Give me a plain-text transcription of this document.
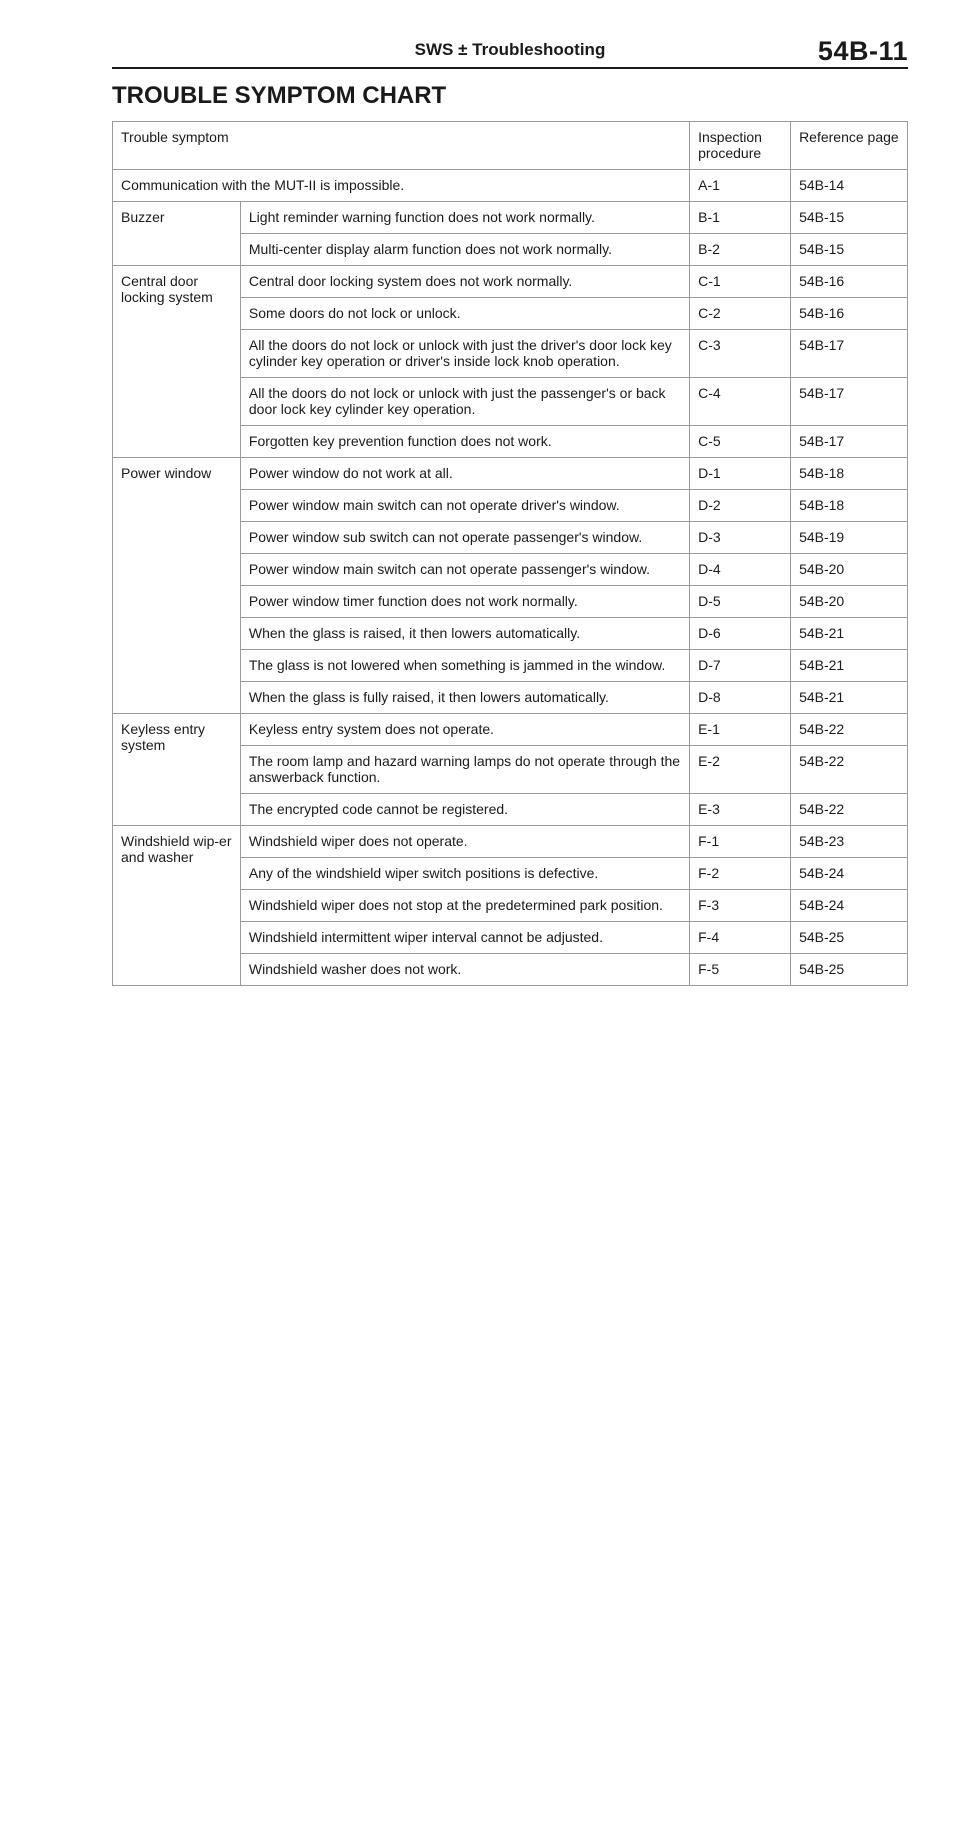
SWS ± Troubleshooting	54B-11
TROUBLE SYMPTOM CHART
Trouble symptom		Inspection procedure	Reference page
Communication with the MUT-II is impossible.		A-1	54B-14
Buzzer	Light reminder warning function does not work normally.	B-1	54B-15
	Multi-center display alarm function does not work normally.	B-2	54B-15
Central door locking system	Central door locking system does not work normally.	C-1	54B-16
	Some doors do not lock or unlock.	C-2	54B-16
	All the doors do not lock or unlock with just the driver's door lock key cylinder key operation or driver's inside lock knob operation.	C-3	54B-17
	All the doors do not lock or unlock with just the passenger's or back door lock key cylinder key operation.	C-4	54B-17
	Forgotten key prevention function does not work.	C-5	54B-17
Power window	Power window do not work at all.	D-1	54B-18
	Power window main switch can not operate driver's window.	D-2	54B-18
	Power window sub switch can not operate passenger's window.	D-3	54B-19
	Power window main switch can not operate passenger's window.	D-4	54B-20
	Power window timer function does not work normally.	D-5	54B-20
	When the glass is raised, it then lowers automatically.	D-6	54B-21
	The glass is not lowered when something is jammed in the window.	D-7	54B-21
	When the glass is fully raised, it then lowers automatically.	D-8	54B-21
Keyless entry system	Keyless entry system does not operate.	E-1	54B-22
	The room lamp and hazard warning lamps do not operate through the answerback function.	E-2	54B-22
	The encrypted code cannot be registered.	E-3	54B-22
Windshield wip-er and washer	Windshield wiper does not operate.	F-1	54B-23
	Any of the windshield wiper switch positions is defective.	F-2	54B-24
	Windshield wiper does not stop at the predetermined park position.	F-3	54B-24
	Windshield intermittent wiper interval cannot be adjusted.	F-4	54B-25
	Windshield washer does not work.	F-5	54B-25
